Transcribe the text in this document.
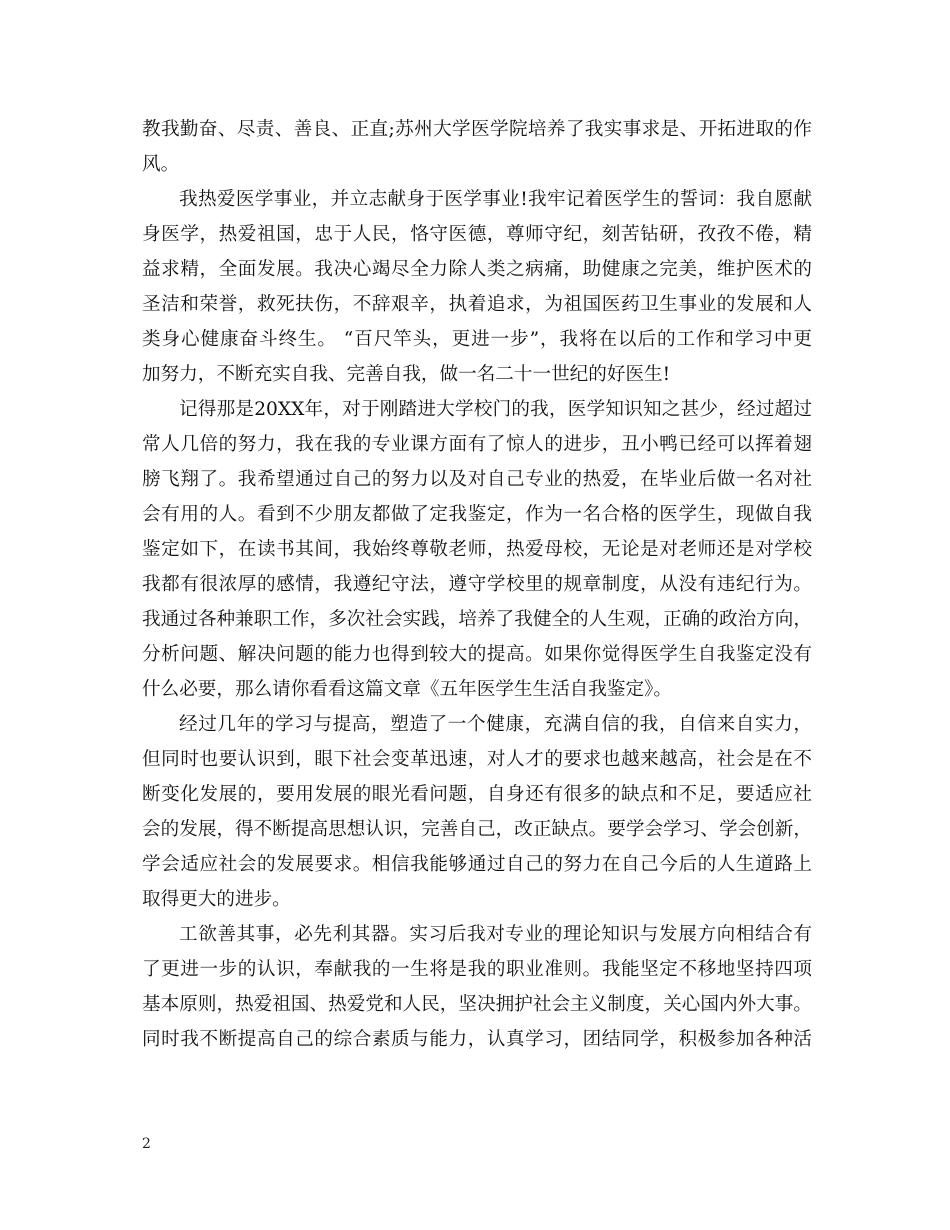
教我勤奋、尽责、善良、正直;苏州大学医学院培养了我实事求是、开拓进取的作
风。

我热爱医学事业，并立志献身于医学事业!我牢记着医学生的誓词：我自愿献
身医学，热爱祖国，忠于人民，恪守医德，尊师守纪，刻苦钻研，孜孜不倦，精
益求精，全面发展。我决心竭尽全力除人类之病痛，助健康之完美，维护医术的
圣洁和荣誉，救死扶伤，不辞艰辛，执着追求，为祖国医药卫生事业的发展和人
类身心健康奋斗终生。 “百尺竿头，更进一步”，我将在以后的工作和学习中更
加努力，不断充实自我、完善自我，做一名二十一世纪的好医生!

记得那是20XX年，对于刚踏进大学校门的我，医学知识知之甚少，经过超过
常人几倍的努力，我在我的专业课方面有了惊人的进步，丑小鸭已经可以挥着翅
膀飞翔了。我希望通过自己的努力以及对自己专业的热爱，在毕业后做一名对社
会有用的人。看到不少朋友都做了定我鉴定，作为一名合格的医学生，现做自我
鉴定如下，在读书其间，我始终尊敬老师，热爱母校，无论是对老师还是对学校
我都有很浓厚的感情，我遵纪守法，遵守学校里的规章制度，从没有违纪行为。
我通过各种兼职工作，多次社会实践，培养了我健全的人生观，正确的政治方向，
分析问题、解决问题的能力也得到较大的提高。如果你觉得医学生自我鉴定没有
什么必要，那么请你看看这篇文章《五年医学生生活自我鉴定》。

经过几年的学习与提高，塑造了一个健康，充满自信的我，自信来自实力，
但同时也要认识到，眼下社会变革迅速，对人才的要求也越来越高，社会是在不
断变化发展的，要用发展的眼光看问题，自身还有很多的缺点和不足，要适应社
会的发展，得不断提高思想认识，完善自己，改正缺点。要学会学习、学会创新，
学会适应社会的发展要求。相信我能够通过自己的努力在自己今后的人生道路上
取得更大的进步。

工欲善其事，必先利其器。实习后我对专业的理论知识与发展方向相结合有
了更进一步的认识，奉献我的一生将是我的职业准则。我能坚定不移地坚持四项
基本原则，热爱祖国、热爱党和人民，坚决拥护社会主义制度，关心国内外大事。
同时我不断提高自己的综合素质与能力，认真学习，团结同学，积极参加各种活

2
